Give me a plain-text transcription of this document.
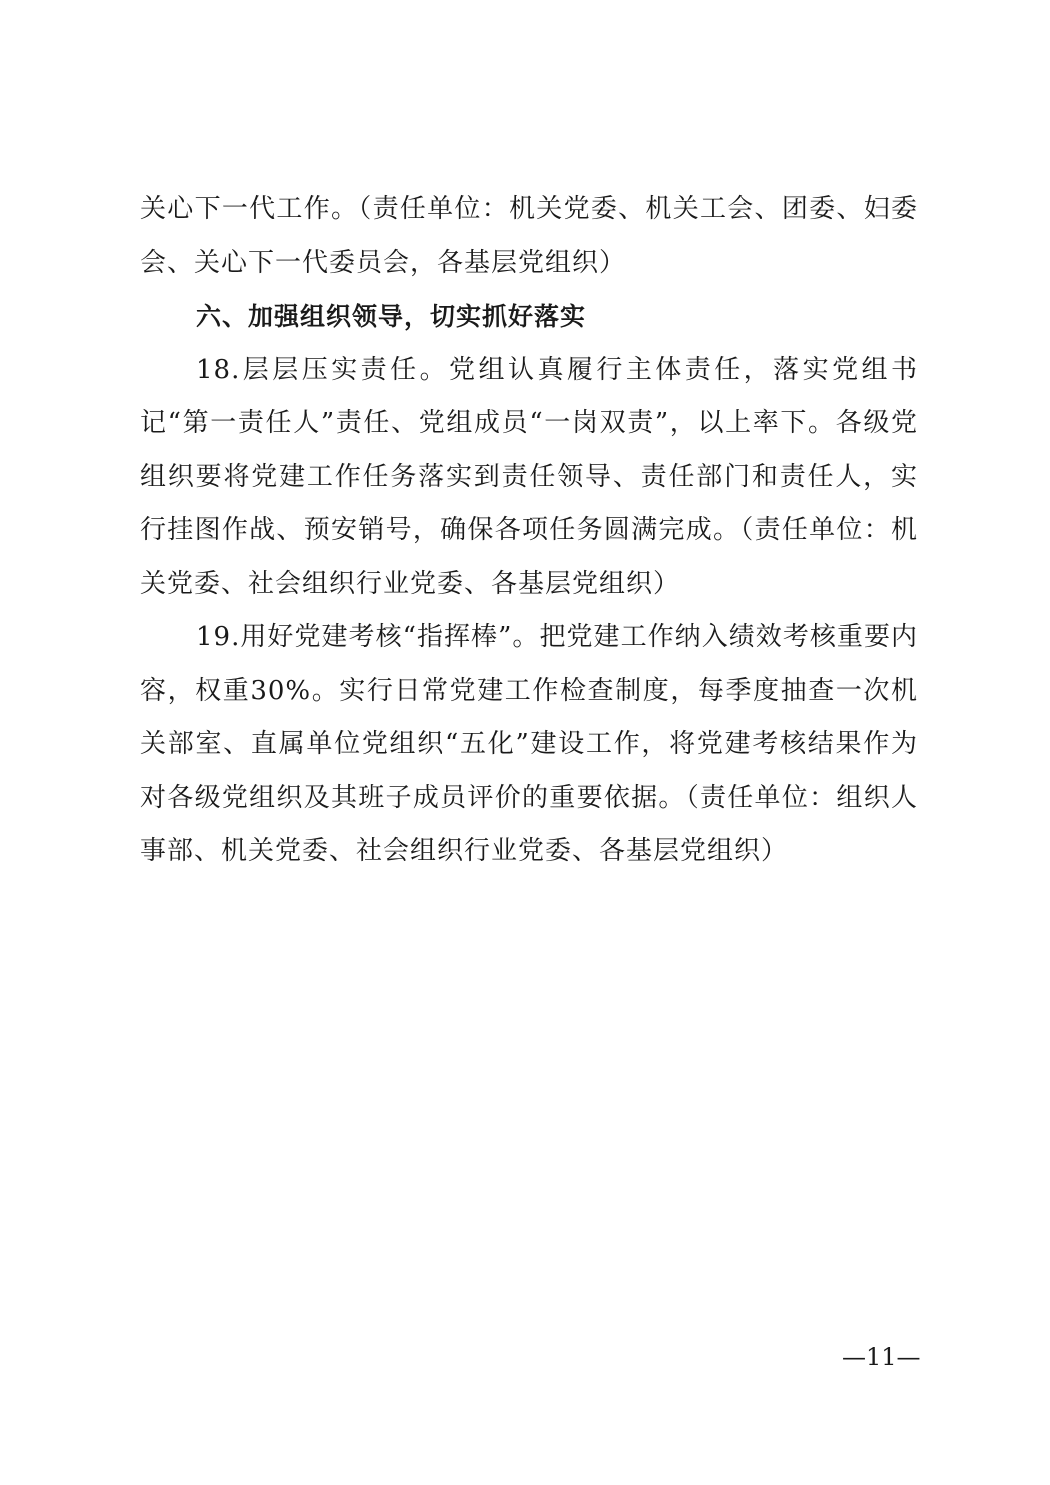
关心下一代工作。（责任单位：机关党委、机关工会、团委、妇委会、关心下一代委员会，各基层党组织）

六、加强组织领导，切实抓好落实

18.层层压实责任。党组认真履行主体责任，落实党组书记“第一责任人”责任、党组成员“一岗双责”，以上率下。各级党组织要将党建工作任务落实到责任领导、责任部门和责任人，实行挂图作战、预安销号，确保各项任务圆满完成。（责任单位：机关党委、社会组织行业党委、各基层党组织）

19.用好党建考核“指挥棒”。把党建工作纳入绩效考核重要内容，权重30%。实行日常党建工作检查制度，每季度抽查一次机关部室、直属单位党组织“五化”建设工作，将党建考核结果作为对各级党组织及其班子成员评价的重要依据。（责任单位：组织人事部、机关党委、社会组织行业党委、各基层党组织）

—11—
